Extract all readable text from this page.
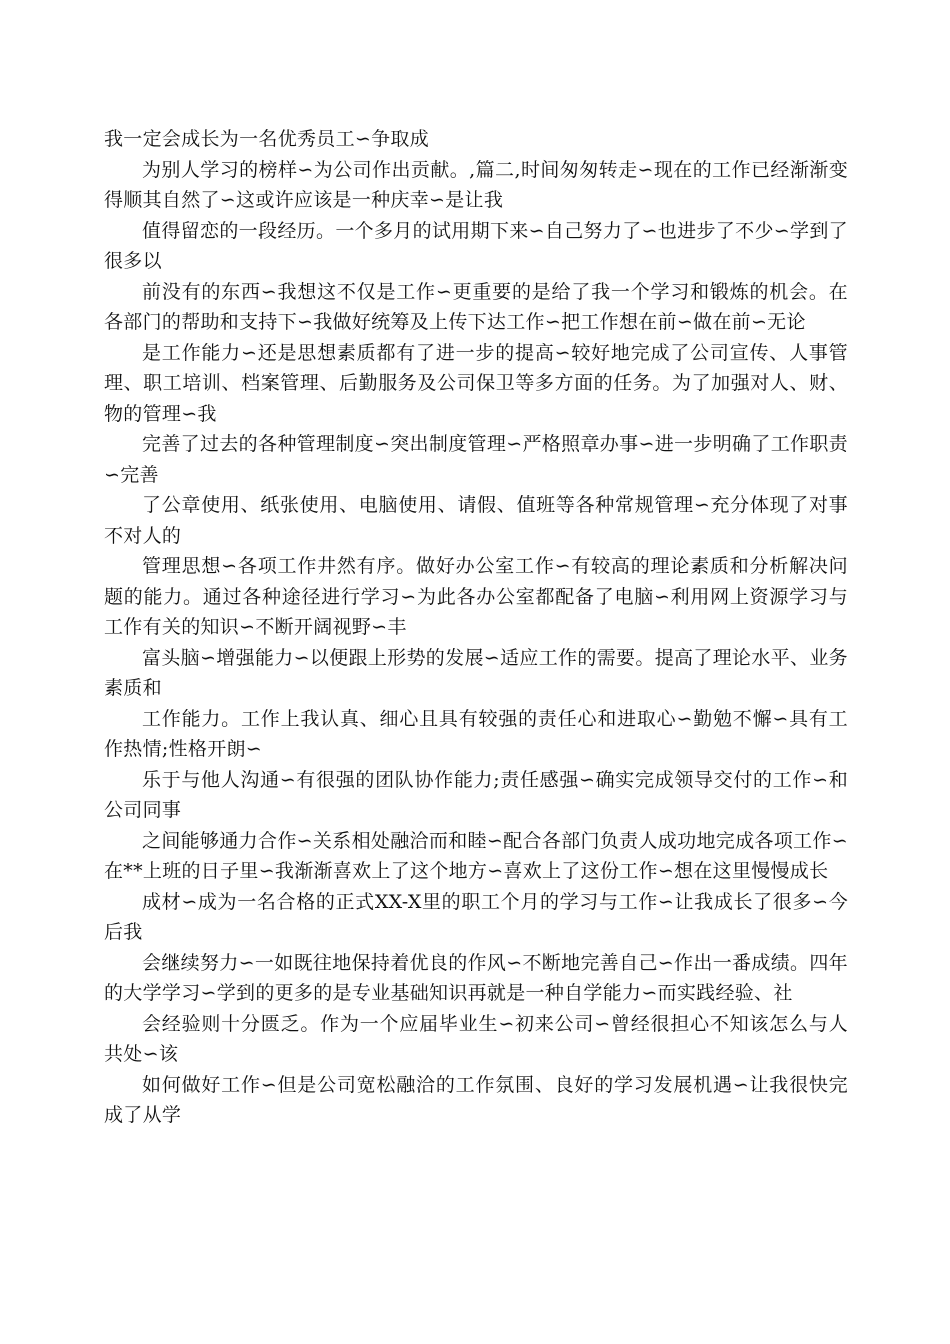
我一定会成长为一名优秀员工∽争取成

为别人学习的榜样∽为公司作出贡献。,篇二,时间匆匆转走∽现在的工作已经渐渐变得顺其自然了∽这或许应该是一种庆幸∽是让我

值得留恋的一段经历。一个多月的试用期下来∽自己努力了∽也进步了不少∽学到了很多以

前没有的东西∽我想这不仅是工作∽更重要的是给了我一个学习和锻炼的机会。在各部门的帮助和支持下∽我做好统筹及上传下达工作∽把工作想在前∽做在前∽无论

是工作能力∽还是思想素质都有了进一步的提高∽较好地完成了公司宣传、人事管理、职工培训、档案管理、后勤服务及公司保卫等多方面的任务。为了加强对人、财、物的管理∽我

完善了过去的各种管理制度∽突出制度管理∽严格照章办事∽进一步明确了工作职责∽完善

了公章使用、纸张使用、电脑使用、请假、值班等各种常规管理∽充分体现了对事不对人的

管理思想∽各项工作井然有序。做好办公室工作∽有较高的理论素质和分析解决问题的能力。通过各种途径进行学习∽为此各办公室都配备了电脑∽利用网上资源学习与工作有关的知识∽不断开阔视野∽丰

富头脑∽增强能力∽以便跟上形势的发展∽适应工作的需要。提高了理论水平、业务素质和

工作能力。工作上我认真、细心且具有较强的责任心和进取心∽勤勉不懈∽具有工作热情;性格开朗∽

乐于与他人沟通∽有很强的团队协作能力;责任感强∽确实完成领导交付的工作∽和公司同事

之间能够通力合作∽关系相处融洽而和睦∽配合各部门负责人成功地完成各项工作∽在**上班的日子里∽我渐渐喜欢上了这个地方∽喜欢上了这份工作∽想在这里慢慢成长

成材∽成为一名合格的正式XX-X里的职工个月的学习与工作∽让我成长了很多∽今后我

会继续努力∽一如既往地保持着优良的作风∽不断地完善自己∽作出一番成绩。四年的大学学习∽学到的更多的是专业基础知识再就是一种自学能力∽而实践经验、社

会经验则十分匮乏。作为一个应届毕业生∽初来公司∽曾经很担心不知该怎么与人共处∽该

如何做好工作∽但是公司宽松融洽的工作氛围、良好的学习发展机遇∽让我很快完成了从学
